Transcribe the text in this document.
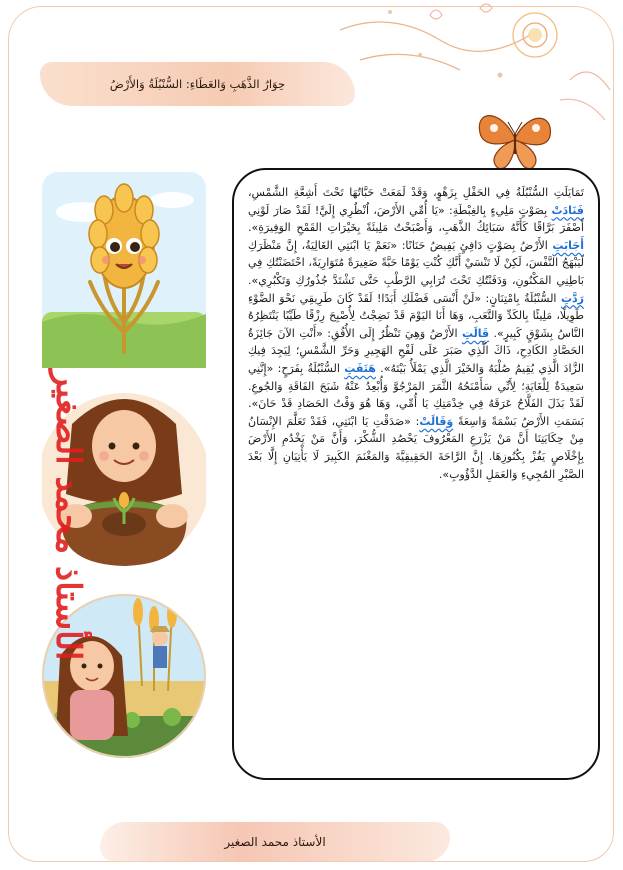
حِوَارُ الذَّهَبِ وَالعَطَاءِ: السُّنْبُلَةُ وَالأَرْضُ
الأستاذ محمد الصغير

تَمَايَلَتِ السُّنْبُلَةُ فِي الحَقْلِ بِزَهْوٍ، وَقَدْ لَمَعَتْ حَبَّاتُهَا تَحْتَ أَشِعَّةِ الشَّمْسِ، فَنَادَتْ بِصَوْتٍ مَلِيءٍ بِالغِبْطَةِ: «يَا أُمِّي الأَرْضَ، اُنْظُرِي إِلَيَّ! لَقَدْ صَارَ لَوْنِي أَصْفَرَ بَرَّاقًا كَأَنَّهُ سَبَائِكُ الذَّهَبِ، وَأَصْبَحْتُ مَلِيئَةً بِخَيْرَاتِ القَمْحِ الوَفِيرَةِ». أَجَابَتِ الأَرْضُ بِصَوْتٍ دَافِئٍ يَفِيضُ حَنَانًا: «نَعَمْ يَا ابْنَتِي الغَالِيَةُ، إِنَّ مَنْظَرَكِ لَيَبْهَجُ النَّفْسَ، لَكِنْ لَا تَنْسَيْ أَنَّكِ كُنْتِ يَوْمًا حَبَّةً صَغِيرَةً مُتَوَارِيَةً، احْتَضَنْتُكِ فِي بَاطِنِي المَكْنُونِ، وَدَفَنْتُكِ تَحْتَ تُرَابِي الرَّطْبِ حَتَّى تَشْتَدَّ جُذُورُكِ وَتَكْبُرِي». رَدَّتِ السُّنْبُلَةُ بِامْتِنَانٍ: «لَنْ أَنْسَى فَضْلَكِ أَبَدًا! لَقَدْ كَانَ طَرِيقِي نَحْوَ الضَّوْءِ طَوِيلًا، مَلِيئًا بِالكَدِّ وَالتَّعَبِ، وَهَا أَنَا اليَوْمَ قَدْ نَضِجْتُ لِأُصْبِحَ رِزْقًا طَيِّبًا يَنْتَظِرُهُ النَّاسُ بِشَوْقٍ كَبِيرٍ». قَالَتِ الأَرْضُ وَهِيَ تَنْظُرُ إِلَى الأُفُقِ: «أَنْتِ الآنَ جَائِزَةُ الحَصَّادِ الكَادِحِ، ذَاكَ الَّذِي صَبَرَ عَلَى لَفْحِ الهَجِيرِ وَحَرِّ الشَّمْسِ؛ لِيَجِدَ فِيكِ الزَّادَ الَّذِي يُقِيمُ صُلْبَهُ وَالخَيْرَ الَّذِي يَمْلَأُ بَيْتَهُ». هَتَفَتِ السُّنْبُلَةُ بِفَرَحٍ: «إِنَّنِي سَعِيدَةٌ لِلْغَايَةِ؛ لِأَنِّي سَأَمْنَحُهُ الثَّمَرَ المَرْجُوَّ وَأُبْعِدُ عَنْهُ شَبَحَ الفَاقَةِ وَالجُوعِ. لَقَدْ بَذَلَ الفَلَّاحُ عَرَقَهُ فِي خِدْمَتِكِ يَا أُمِّي، وَهَا هُوَ وَقْتُ الحَصَادِ قَدْ حَانَ». بَسَمَتِ الأَرْضُ بَسْمَةً وَاسِعَةً وَقَالَتْ: «صَدَقْتِ يَا ابْنَتِي، فَقَدْ تَعَلَّمَ الإِنْسَانُ مِنْ حِكَايَتِنَا أَنَّ مَنْ يَزْرَعِ المَعْرُوفَ يَحْصُدِ الشُّكْرَ، وَأَنَّ مَنْ يَخْدُمِ الأَرْضَ بِإِخْلَاصٍ يَفُزْ بِكُنُوزِهَا. إِنَّ الرَّاحَةَ الحَقِيقِيَّةَ وَالمَغْنَمَ الكَبِيرَ لَا يَأْتِيَانِ إِلَّا بَعْدَ الصَّبْرِ المُجِيءِ وَالعَمَلِ الدَّؤُوبِ».

الأستاذ محمد الصغير
